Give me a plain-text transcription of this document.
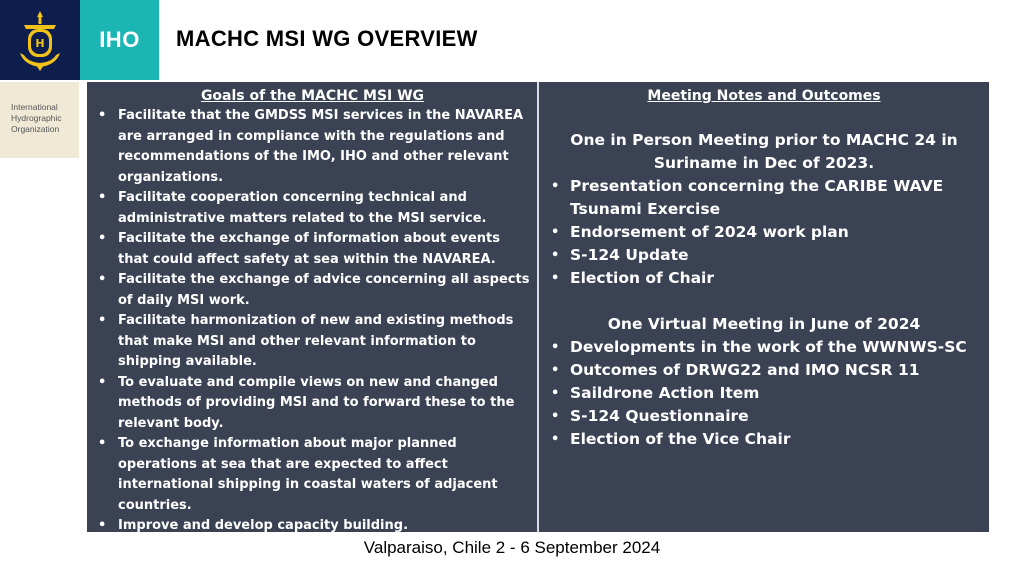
H IHO
International
Hydrographic
Organization
MACHC MSI WG OVERVIEW

Goals of the MACHC MSI WG

• Facilitate that the GMDSS MSI services in the NAVAREA are arranged in compliance with the regulations and recommendations of the IMO, IHO and other relevant organizations.
• Facilitate cooperation concerning technical and administrative matters related to the MSI service.
• Facilitate the exchange of information about events that could affect safety at sea within the NAVAREA.
• Facilitate the exchange of advice concerning all aspects of daily MSI work.
• Facilitate harmonization of new and existing methods that make MSI and other relevant information to shipping available.
• To evaluate and compile views on new and changed methods of providing MSI and to forward these to the relevant body.
• To exchange information about major planned operations at sea that are expected to affect international shipping in coastal waters of adjacent countries.
• Improve and develop capacity building.

Meeting Notes and Outcomes

One in Person Meeting prior to MACHC 24 in Suriname in Dec of 2023.

• Presentation concerning the CARIBE WAVE Tsunami Exercise
• Endorsement of 2024 work plan
• S-124 Update
• Election of Chair

One Virtual Meeting in June of 2024

• Developments in the work of the WWNWS-SC
• Outcomes of DRWG22 and IMO NCSR 11
• Saildrone Action Item
• S-124 Questionnaire
• Election of the Vice Chair
Valparaiso, Chile 2 - 6 September 2024
